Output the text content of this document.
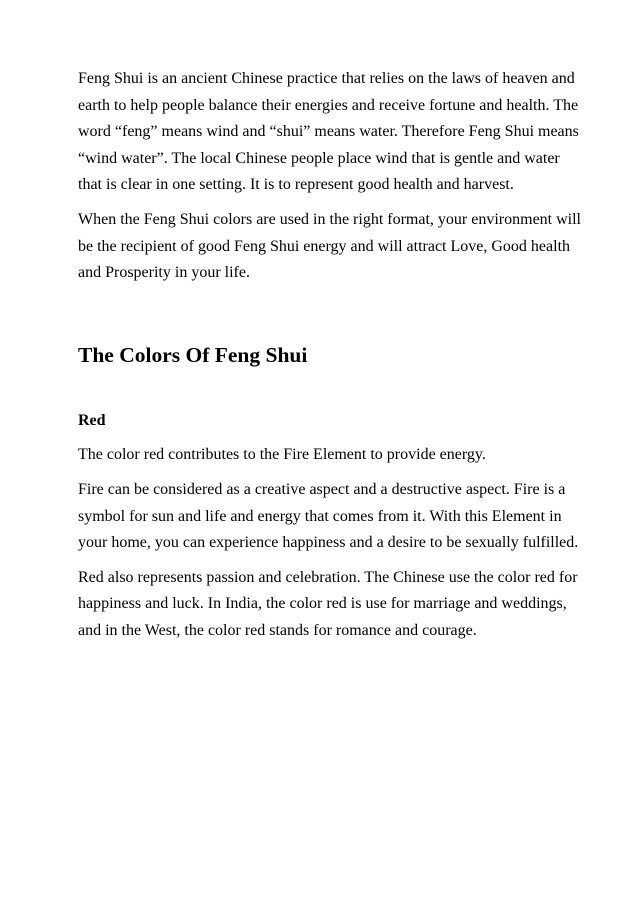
Feng Shui is an ancient Chinese practice that relies on the laws of heaven and earth to help people balance their energies and receive fortune and health. The word “feng” means wind and “shui” means water. Therefore Feng Shui means “wind water”. The local Chinese people place wind that is gentle and water that is clear in one setting. It is to represent good health and harvest.

When the Feng Shui colors are used in the right format, your environment will be the recipient of good Feng Shui energy and will attract Love, Good health and Prosperity in your life.

The Colors Of Feng Shui
Red

The color red contributes to the Fire Element to provide energy.

Fire can be considered as a creative aspect and a destructive aspect. Fire is a symbol for sun and life and energy that comes from it. With this Element in your home, you can experience happiness and a desire to be sexually fulfilled.

Red also represents passion and celebration. The Chinese use the color red for happiness and luck. In India, the color red is use for marriage and weddings, and in the West, the color red stands for romance and courage.
